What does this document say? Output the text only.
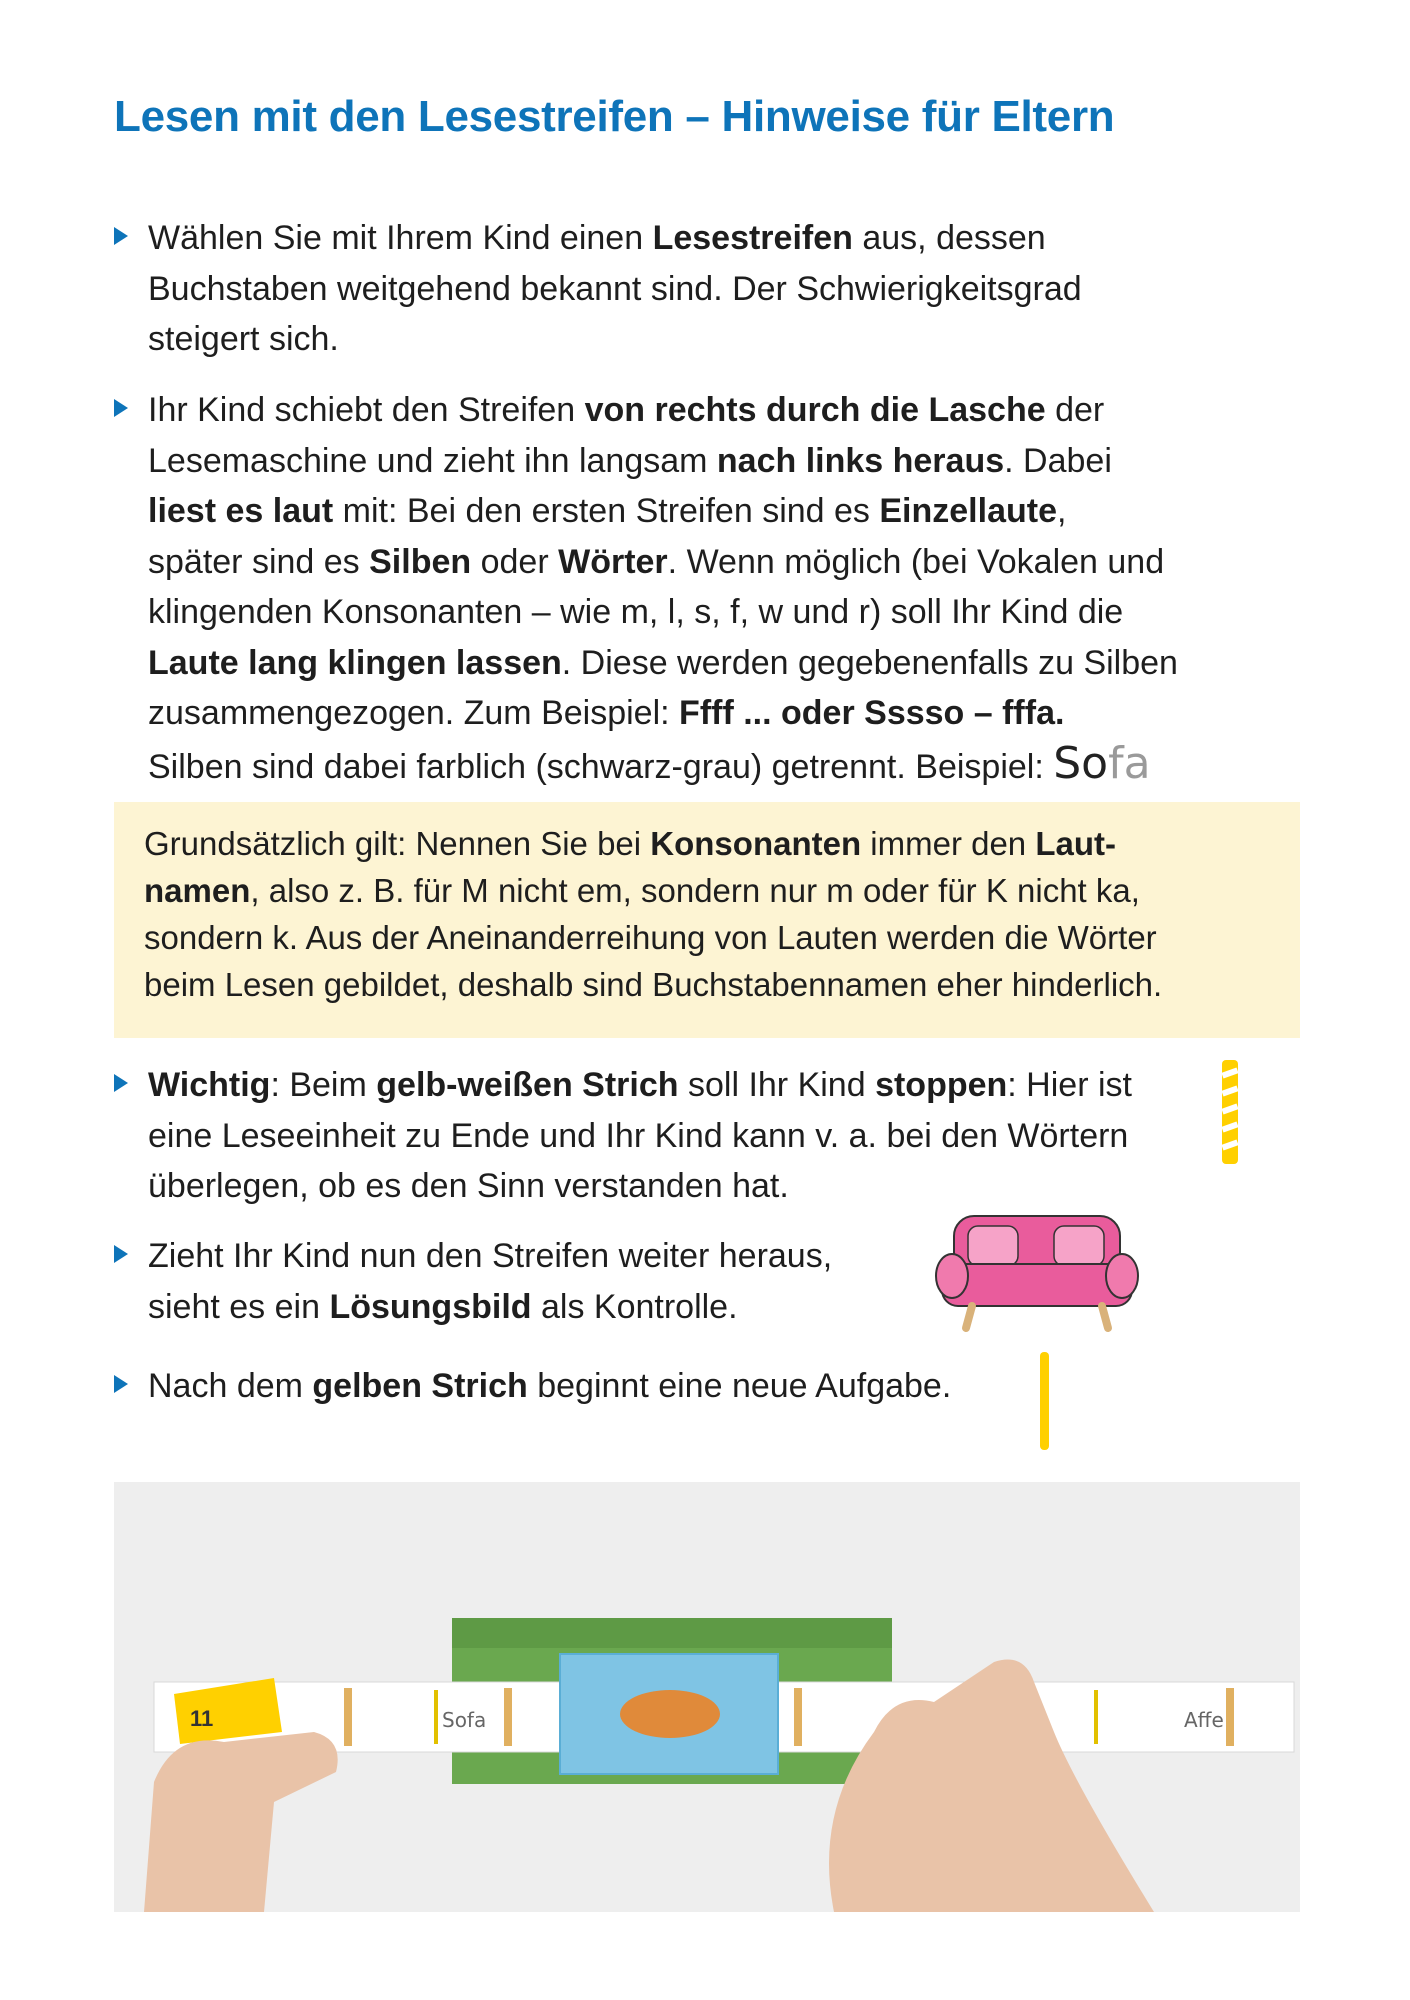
Lesen mit den Lesestreifen – Hinweise für Eltern

Wählen Sie mit Ihrem Kind einen Lesestreifen aus, dessen

Buchstaben weitgehend bekannt sind. Der Schwierigkeitsgrad

steigert sich.

Ihr Kind schiebt den Streifen von rechts durch die Lasche der

Lesemaschine und zieht ihn langsam nach links heraus. Dabei

liest es laut mit: Bei den ersten Streifen sind es Einzellaute,

später sind es Silben oder Wörter. Wenn möglich (bei Vokalen und

klingenden Konsonanten – wie m, l, s, f, w und r) soll Ihr Kind die

Laute lang klingen lassen. Diese werden gegebenenfalls zu Silben

zusammengezogen. Zum Beispiel: Ffff ... oder Sssso – fffa.

Silben sind dabei farblich (schwarz-grau) getrennt. Beispiel: Sofa

Grundsätzlich gilt: Nennen Sie bei Konsonanten immer den Laut-
namen, also z. B. für M nicht em, sondern nur m oder für K nicht ka,
sondern k. Aus der Aneinanderreihung von Lauten werden die Wörter
beim Lesen gebildet, deshalb sind Buchstabennamen eher hinderlich.

Wichtig: Beim gelb-weißen Strich soll Ihr Kind stoppen: Hier ist

eine Leseeinheit zu Ende und Ihr Kind kann v. a. bei den Wörtern

überlegen, ob es den Sinn verstanden hat.

Zieht Ihr Kind nun den Streifen weiter heraus,

sieht es ein Lösungsbild als Kontrolle.

Nach dem gelben Strich beginnt eine neue Aufgabe.

11	Sofa	Affe
